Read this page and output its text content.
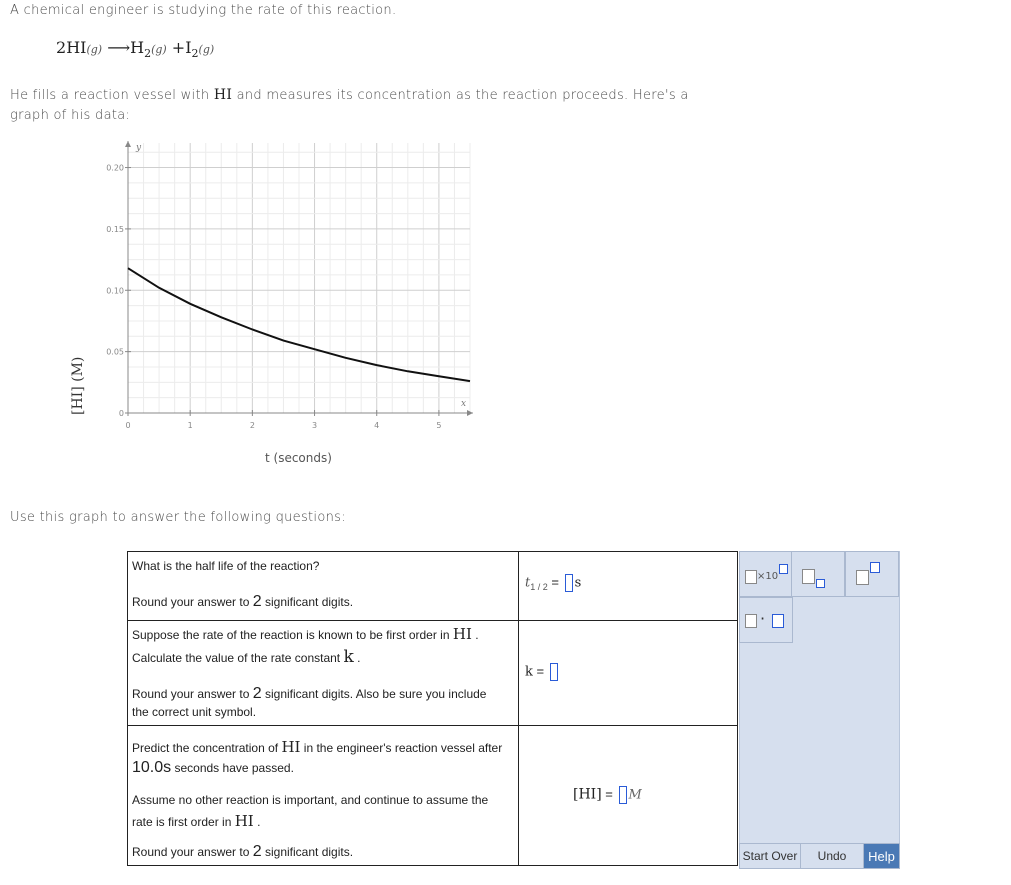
A chemical engineer is studying the rate of this reaction.
2HI(g) $⟶H_2(g) +I_2(g)$
He fills a reaction vessel with HI and measures its concentration as the reaction proceeds. Here's a
graph of his data:
0	1	2	3	4	5
0
0.05
0.10
0.15
0.20
[HI] (M)
y
x
t (seconds)
Use this graph to answer the following questions:
What is the half life of the reaction?
Round your answer to 2 significant digits.	$t_{1 / 2} = s$

Suppose the rate of the reaction is known to be first order in HI .
Calculate the value of the rate constant k .
Round your answer to 2 significant digits. Also be sure you include
the correct unit symbol.	k =

Predict the concentration of HI in the engineer's reaction vessel after
10.0s seconds have passed.
Assume no other reaction is important, and continue to assume the
rate is first order in HI .
Round your answer to 2 significant digits.	[HI] = M
×10
·
Start Over	Undo	Help
